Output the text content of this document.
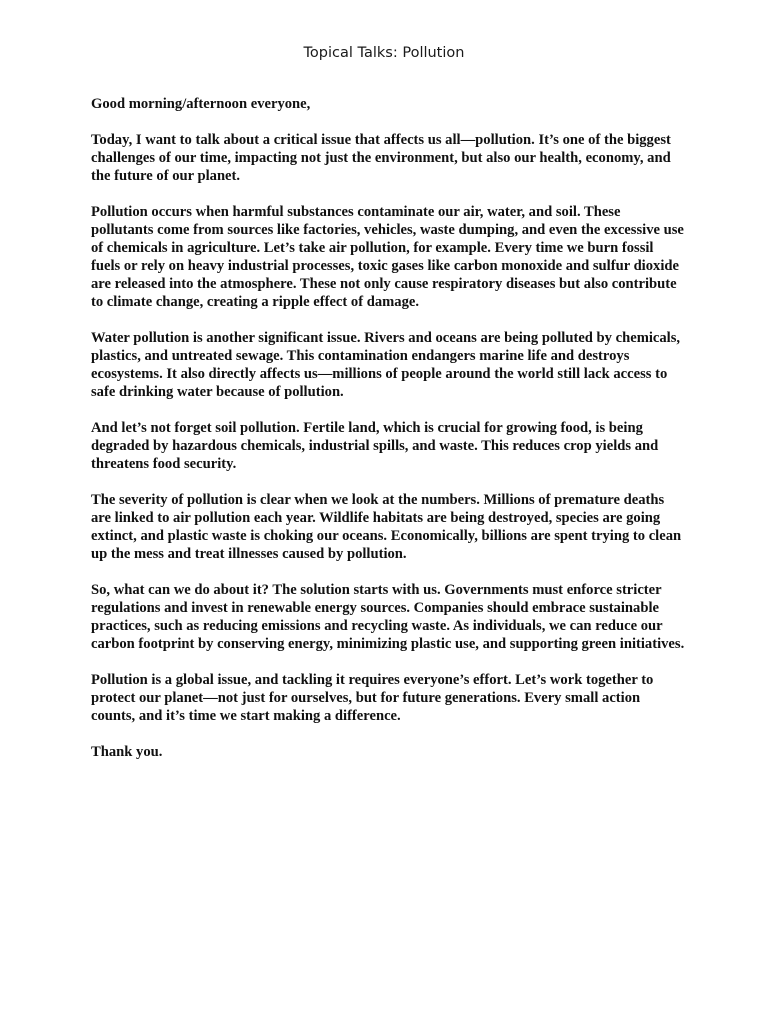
Topical Talks: Pollution

Good morning/afternoon everyone,

Today, I want to talk about a critical issue that affects us all—pollution. It’s one of the biggest challenges of our time, impacting not just the environment, but also our health, economy, and the future of our planet.

Pollution occurs when harmful substances contaminate our air, water, and soil. These pollutants come from sources like factories, vehicles, waste dumping, and even the excessive use of chemicals in agriculture. Let’s take air pollution, for example. Every time we burn fossil fuels or rely on heavy industrial processes, toxic gases like carbon monoxide and sulfur dioxide are released into the atmosphere. These not only cause respiratory diseases but also contribute to climate change, creating a ripple effect of damage.

Water pollution is another significant issue. Rivers and oceans are being polluted by chemicals, plastics, and untreated sewage. This contamination endangers marine life and destroys ecosystems. It also directly affects us—millions of people around the world still lack access to safe drinking water because of pollution.

And let’s not forget soil pollution. Fertile land, which is crucial for growing food, is being degraded by hazardous chemicals, industrial spills, and waste. This reduces crop yields and threatens food security.

The severity of pollution is clear when we look at the numbers. Millions of premature deaths are linked to air pollution each year. Wildlife habitats are being destroyed, species are going extinct, and plastic waste is choking our oceans. Economically, billions are spent trying to clean up the mess and treat illnesses caused by pollution.

So, what can we do about it? The solution starts with us. Governments must enforce stricter regulations and invest in renewable energy sources. Companies should embrace sustainable practices, such as reducing emissions and recycling waste. As individuals, we can reduce our carbon footprint by conserving energy, minimizing plastic use, and supporting green initiatives.

Pollution is a global issue, and tackling it requires everyone’s effort. Let’s work together to protect our planet—not just for ourselves, but for future generations. Every small action counts, and it’s time we start making a difference.

Thank you.
